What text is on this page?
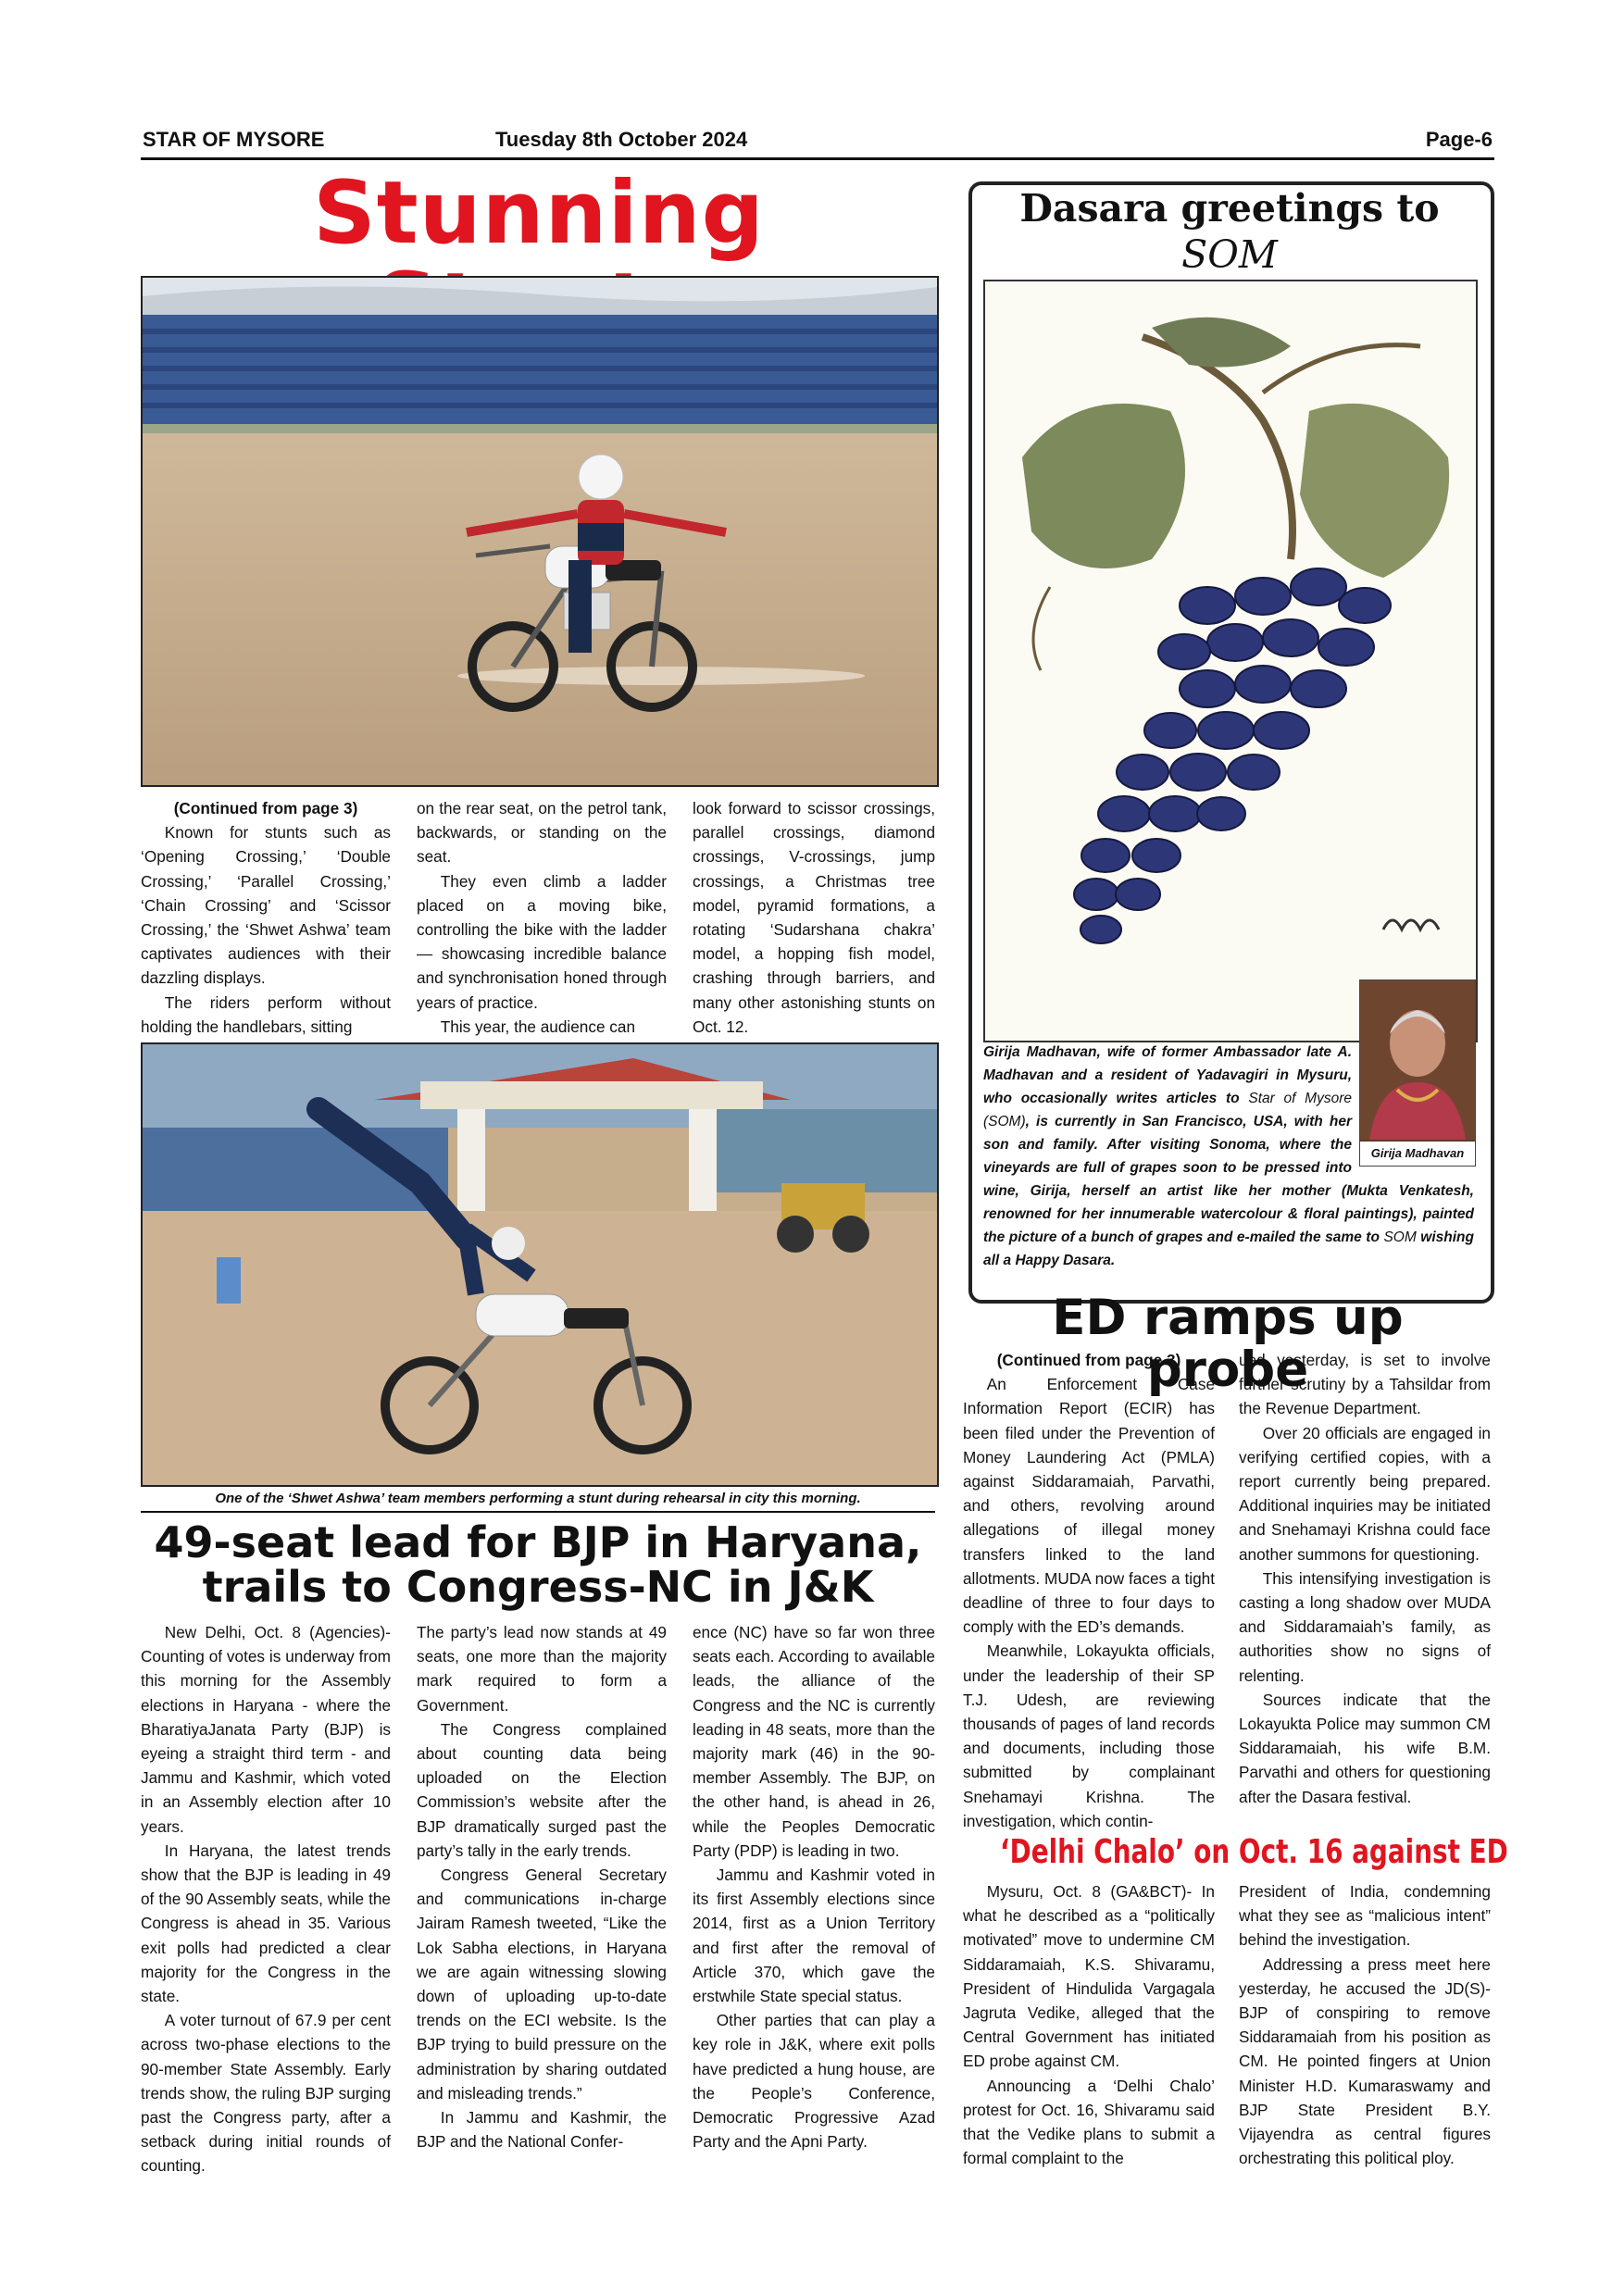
STAR OF MYSORE	Tuesday 8th October 2024	Page-6
Stunning

(Continued from page 3)

Known for stunts such as ‘Opening Crossing,’ ‘Double Crossing,’ ‘Parallel Crossing,’ ‘Chain Crossing’ and ‘Scissor Crossing,’ the ‘Shwet Ashwa’ team captivates audiences with their dazzling displays.

The riders perform without holding the handlebars, sitting

on the rear seat, on the petrol tank, backwards, or standing on the seat.

They even climb a ladder placed on a moving bike, controlling the bike with the ladder — showcasing incredible balance and synchronisation honed through years of practice.

This year, the audience can

look forward to scissor crossings, parallel crossings, diamond crossings, V-crossings, jump crossings, a Christmas tree model, pyramid formations, a rotating ‘Sudarshana chakra’ model, a hopping fish model, crashing through barriers, and many other astonishing stunts on Oct. 12.

One of the ‘Shwet Ashwa’ team members performing a stunt during rehearsal in city this morning.
49-seat lead for BJP in Haryana,
trails to Congress-NC in J&K

New Delhi, Oct. 8 (Agencies)- Counting of votes is underway from this morning for the Assembly elections in Haryana - where the BharatiyaJanata Party (BJP) is eyeing a straight third term - and Jammu and Kashmir, which voted in an Assembly election after 10 years.

In Haryana, the latest trends show that the BJP is leading in 49 of the 90 Assembly seats, while the Congress is ahead in 35. Various exit polls had predicted a clear majority for the Congress in the state.

A voter turnout of 67.9 per cent across two-phase elections to the 90-member State Assembly. Early trends show, the ruling BJP surging past the Congress party, after a setback during initial rounds of counting.

The party’s lead now stands at 49 seats, one more than the majority mark required to form a Government.

The Congress complained about counting data being uploaded on the Election Commission’s website after the BJP dramatically surged past the party’s tally in the early trends.

Congress General Secretary and communications in-charge Jairam Ramesh tweeted, “Like the Lok Sabha elections, in Haryana we are again witnessing slowing down of uploading up-to-date trends on the ECI website. Is the BJP trying to build pressure on the administration by sharing outdated and misleading trends.”

In Jammu and Kashmir, the BJP and the National Confer-

ence (NC) have so far won three seats each. According to available leads, the alliance of the Congress and the NC is currently leading in 48 seats, more than the majority mark (46) in the 90-member Assembly. The BJP, on the other hand, is ahead in 26, while the Peoples Democratic Party (PDP) is leading in two.

Jammu and Kashmir voted in its first Assembly elections since 2014, first as a Union Territory and first after the removal of Article 370, which gave the erstwhile State special status.

Other parties that can play a key role in J&K, where exit polls have predicted a hung house, are the People’s Conference, Democratic Progressive Azad Party and the Apni Party.

Dasara greetings to SOM
Girija Madhavan
Girija Madhavan, wife of former Ambassador late A. Madhavan and a resident of Yadavagiri in Mysuru, who occasionally writes articles to Star of Mysore (SOM), is currently in San Francisco, USA, with her son and family. After visiting Sonoma, where the vineyards are full of grapes soon to be pressed into wine, Girija, herself an artist like her mother (Mukta Venkatesh, renowned for her innumerable watercolour & floral paintings), painted the picture of a bunch of grapes and e-mailed the same to SOM wishing all a Happy Dasara.
ED ramps up probe

(Continued from page 3)

An Enforcement Case Information Report (ECIR) has been filed under the Prevention of Money Laundering Act (PMLA) against Siddaramaiah, Parvathi, and others, revolving around allegations of illegal money transfers linked to the land allotments. MUDA now faces a tight deadline of three to four days to comply with the ED’s demands.

Meanwhile, Lokayukta officials, under the leadership of their SP T.J. Udesh, are reviewing thousands of pages of land records and documents, including those submitted by complainant Snehamayi Krishna. The investigation, which contin-

ued yesterday, is set to involve further scrutiny by a Tahsildar from the Revenue Department.

Over 20 officials are engaged in verifying certified copies, with a report currently being prepared. Additional inquiries may be initiated and Snehamayi Krishna could face another summons for questioning.

This intensifying investigation is casting a long shadow over MUDA and Siddaramaiah’s family, as authorities show no signs of relenting.

Sources indicate that the Lokayukta Police may summon CM Siddaramaiah, his wife B.M. Parvathi and others for questioning after the Dasara festival.

‘Delhi Chalo’ on Oct. 16 against ED

Mysuru, Oct. 8 (GA&BCT)- In what he described as a “politically motivated” move to undermine CM Siddaramaiah, K.S. Shivaramu, President of Hindulida Vargagala Jagruta Vedike, alleged that the Central Government has initiated ED probe against CM.

Announcing a ‘Delhi Chalo’ protest for Oct. 16, Shivaramu said that the Vedike plans to submit a formal complaint to the

President of India, condemning what they see as “malicious intent” behind the investigation.

Addressing a press meet here yesterday, he accused the JD(S)-BJP of conspiring to remove Siddaramaiah from his position as CM. He pointed fingers at Union Minister H.D. Kumaraswamy and BJP State President B.Y. Vijayendra as central figures orchestrating this political ploy.
